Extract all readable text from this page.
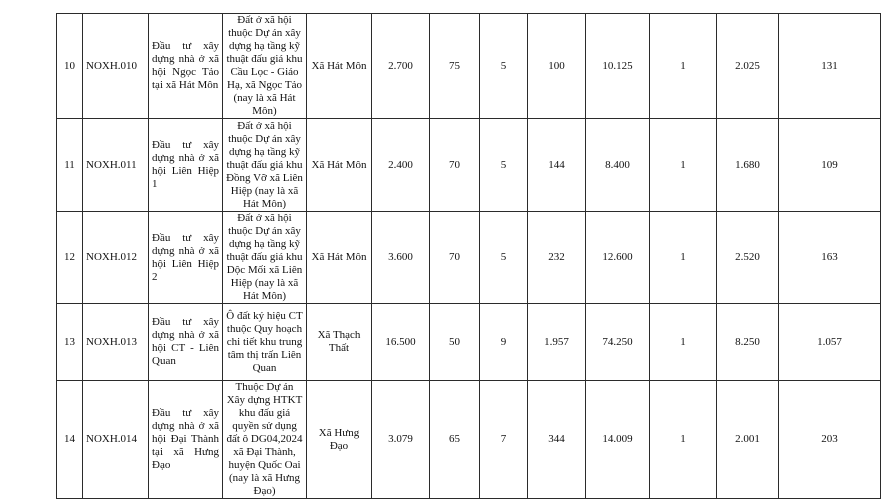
10	NOXH.010	Đầu tư xây dựng nhà ở xã hội Ngọc Tảo tại xã Hát Môn	Đất ở xã hội thuộc Dự án xây dựng hạ tầng kỹ thuật đấu giá khu Cầu Lọc - Giáo Hạ, xã Ngọc Tảo (nay là xã Hát Môn)	Xã Hát Môn	2.700	75	5	100	10.125	1	2.025	131
11	NOXH.011	Đầu tư xây dựng nhà ở xã hội Liên Hiệp 1	Đất ở xã hội thuộc Dự án xây dựng hạ tầng kỹ thuật đấu giá khu Đồng Vỡ xã Liên Hiệp (nay là xã Hát Môn)	Xã Hát Môn	2.400	70	5	144	8.400	1	1.680	109
12	NOXH.012	Đầu tư xây dựng nhà ở xã hội Liên Hiệp 2	Đất ở xã hội thuộc Dự án xây dựng hạ tầng kỹ thuật đấu giá khu Dộc Mối xã Liên Hiệp (nay là xã Hát Môn)	Xã Hát Môn	3.600	70	5	232	12.600	1	2.520	163
13	NOXH.013	Đầu tư xây dựng nhà ở xã hội CT - Liên Quan	Ô đất ký hiệu CT thuộc Quy hoạch chi tiết khu trung tâm thị trấn Liên Quan	Xã Thạch Thất	16.500	50	9	1.957	74.250	1	8.250	1.057
14	NOXH.014	Đầu tư xây dựng nhà ở xã hội Đại Thành tại xã Hưng Đạo	Thuộc Dự án Xây dựng HTKT khu đấu giá quyền sử dụng đất ô DG04,2024 xã Đại Thành, huyện Quốc Oai (nay là xã Hưng Đạo)	Xã Hưng Đạo	3.079	65	7	344	14.009	1	2.001	203
